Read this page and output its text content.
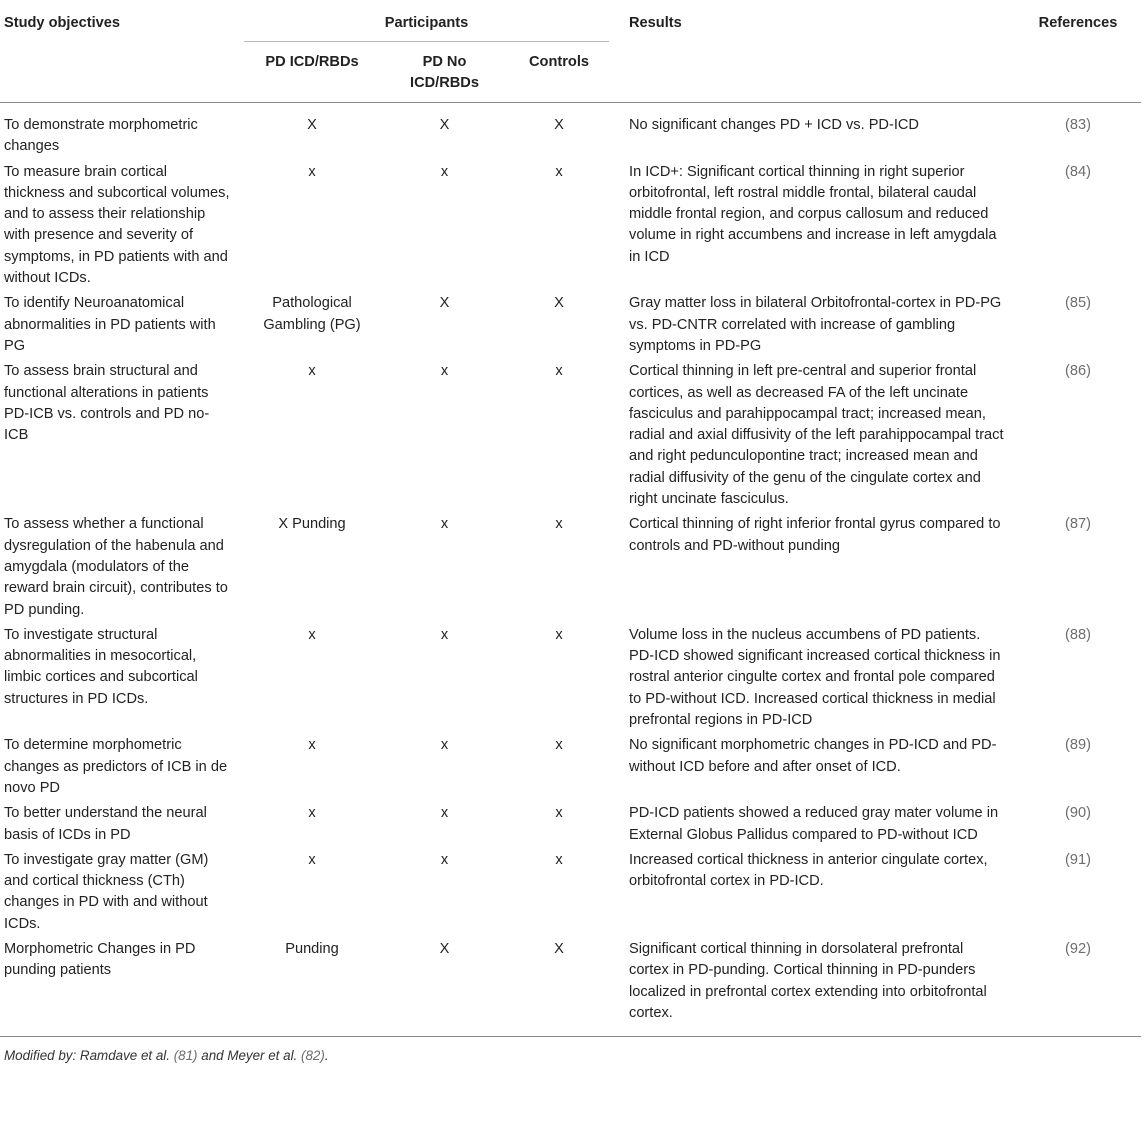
Study objectives	Participants			Results	References
	PD ICD/RBDs	PD No ICD/RBDs	Controls		

To demonstrate morphometric changes	X	X	X	No significant changes PD + ICD vs. PD-ICD	(83)
To measure brain cortical thickness and subcortical volumes, and to assess their relationship with presence and severity of symptoms, in PD patients with and without ICDs.	x	x	x	In ICD+: Significant cortical thinning in right superior orbitofrontal, left rostral middle frontal, bilateral caudal middle frontal region, and corpus callosum and reduced volume in right accumbens and increase in left amygdala in ICD	(84)
To identify Neuroanatomical abnormalities in PD patients with PG	Pathological Gambling (PG)	X	X	Gray matter loss in bilateral Orbitofrontal-cortex in PD-PG vs. PD-CNTR correlated with increase of gambling symptoms in PD-PG	(85)
To assess brain structural and functional alterations in patients PD-ICB vs. controls and PD no-ICB	x	x	x	Cortical thinning in left pre-central and superior frontal cortices, as well as decreased FA of the left uncinate fasciculus and parahippocampal tract; increased mean, radial and axial diffusivity of the left parahippocampal tract and right pedunculopontine tract; increased mean and radial diffusivity of the genu of the cingulate cortex and right uncinate fasciculus.	(86)
To assess whether a functional dysregulation of the habenula and amygdala (modulators of the reward brain circuit), contributes to PD punding.	X Punding	x	x	Cortical thinning of right inferior frontal gyrus compared to controls and PD-without punding	(87)
To investigate structural abnormalities in mesocortical, limbic cortices and subcortical structures in PD ICDs.	x	x	x	Volume loss in the nucleus accumbens of PD patients. PD-ICD showed significant increased cortical thickness in rostral anterior cingulte cortex and frontal pole compared to PD-without ICD. Increased cortical thickness in medial prefrontal regions in PD-ICD	(88)
To determine morphometric changes as predictors of ICB in de novo PD	x	x	x	No significant morphometric changes in PD-ICD and PD-without ICD before and after onset of ICD.	(89)
To better understand the neural basis of ICDs in PD	x	x	x	PD-ICD patients showed a reduced gray mater volume in External Globus Pallidus compared to PD-without ICD	(90)
To investigate gray matter (GM) and cortical thickness (CTh) changes in PD with and without ICDs.	x	x	x	Increased cortical thickness in anterior cingulate cortex, orbitofrontal cortex in PD-ICD.	(91)
Morphometric Changes in PD punding patients	Punding	X	X	Significant cortical thinning in dorsolateral prefrontal cortex in PD-punding. Cortical thinning in PD-punders localized in prefrontal cortex extending into orbitofrontal cortex.	(92)
Modified by: Ramdave et al. (81) and Meyer et al. (82).
